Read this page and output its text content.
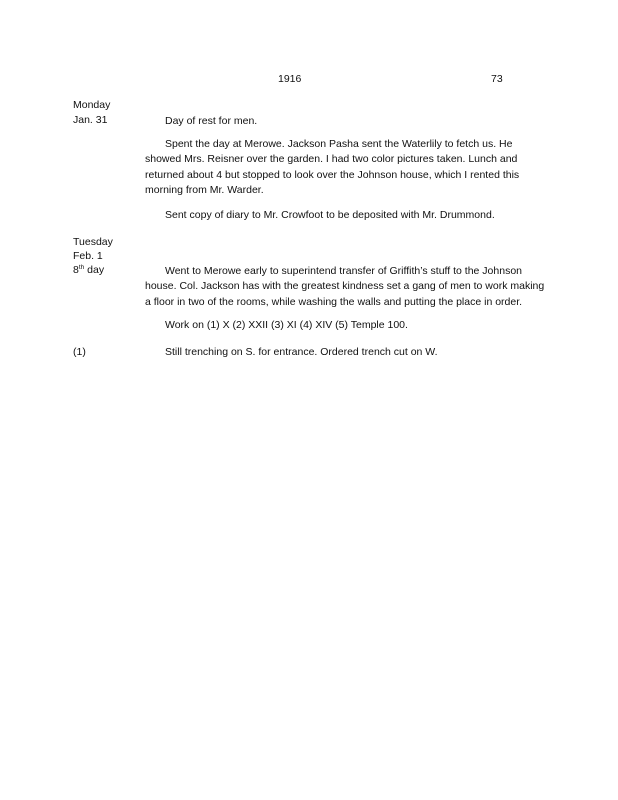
1916	73
Monday
Jan. 31	Day of rest for men.

Spent the day at Merowe. Jackson Pasha sent the Waterlily to fetch us. He showed Mrs. Reisner over the garden. I had two color pictures taken. Lunch and returned about 4 but stopped to look over the Johnson house, which I rented this morning from Mr. Warder.

Sent copy of diary to Mr. Crowfoot to be deposited with Mr. Drummond.

Tuesday
Feb. 1
8th day	Went to Merowe early to superintend transfer of Griffith’s stuff to the Johnson house. Col. Jackson has with the greatest kindness set a gang of men to work making a floor in two of the rooms, while washing the walls and putting the place in order.

Work on (1) X (2) XXII (3) XI (4) XIV (5) Temple 100.

(1)	Still trenching on S. for entrance. Ordered trench cut on W.
